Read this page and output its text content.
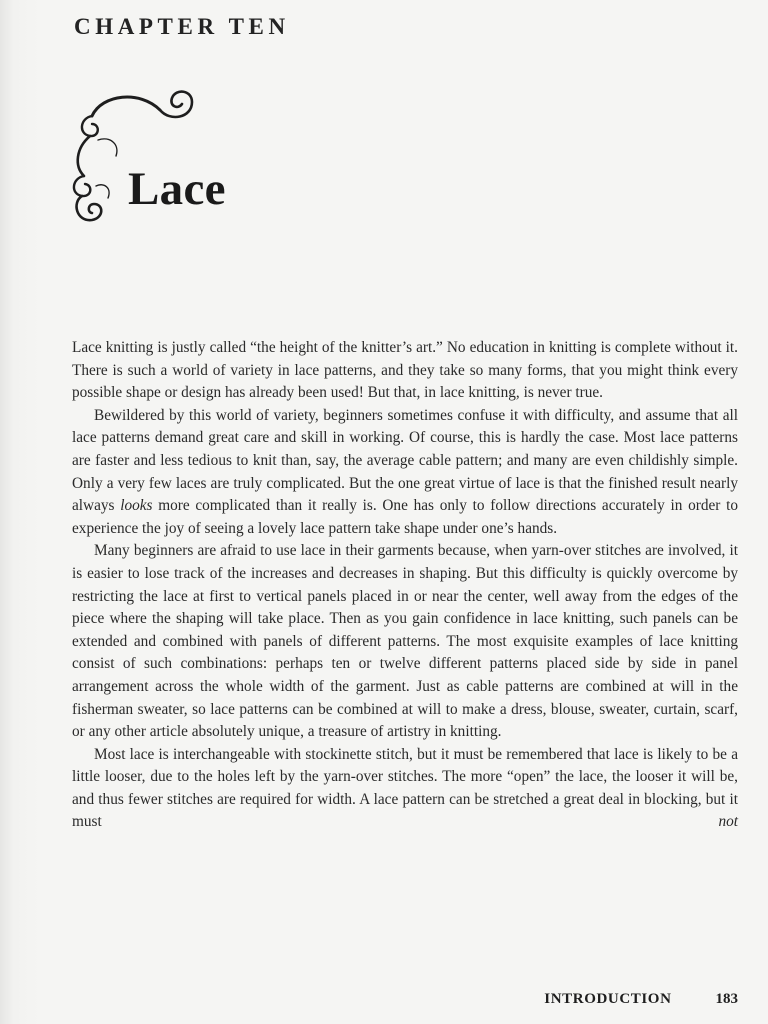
CHAPTER TEN
Lace

Lace knitting is justly called “the height of the knitter’s art.” No education in knitting is complete without it. There is such a world of variety in lace patterns, and they take so many forms, that you might think every possible shape or design has already been used! But that, in lace knitting, is never true.

Bewildered by this world of variety, beginners sometimes confuse it with difficulty, and assume that all lace patterns demand great care and skill in working. Of course, this is hardly the case. Most lace patterns are faster and less tedious to knit than, say, the average cable pattern; and many are even childishly simple. Only a very few laces are truly complicated. But the one great virtue of lace is that the finished result nearly always looks more complicated than it really is. One has only to follow directions accurately in order to experience the joy of seeing a lovely lace pattern take shape under one’s hands.

Many beginners are afraid to use lace in their garments because, when yarn-over stitches are involved, it is easier to lose track of the increases and decreases in shaping. But this difficulty is quickly overcome by restricting the lace at first to vertical panels placed in or near the center, well away from the edges of the piece where the shaping will take place. Then as you gain confidence in lace knitting, such panels can be extended and combined with panels of different patterns. The most exquisite examples of lace knitting consist of such combinations: perhaps ten or twelve different patterns placed side by side in panel arrangement across the whole width of the garment. Just as cable patterns are combined at will in the fisherman sweater, so lace patterns can be combined at will to make a dress, blouse, sweater, curtain, scarf, or any other article absolutely unique, a treasure of artistry in knitting.

Most lace is interchangeable with stockinette stitch, but it must be remembered that lace is likely to be a little looser, due to the holes left by the yarn-over stitches. The more “open” the lace, the looser it will be, and thus fewer stitches are required for width. A lace pattern can be stretched a great deal in blocking, but it must not

INTRODUCTION	183
